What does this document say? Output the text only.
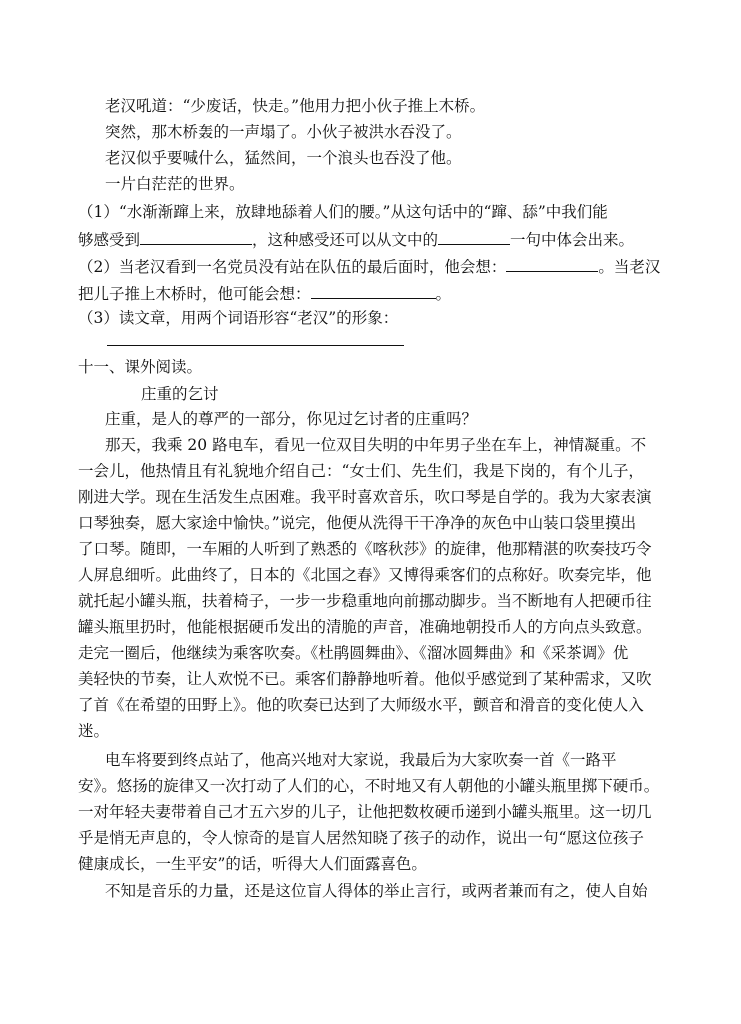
老汉吼道：“少废话，快走。”他用力把小伙子推上木桥。
突然，那木桥轰的一声塌了。小伙子被洪水吞没了。
老汉似乎要喊什么，猛然间，一个浪头也吞没了他。
一片白茫茫的世界。
（1）“水渐渐蹿上来，放肆地舔着人们的腰。”从这句话中的“蹿、舔”中我们能
够感受到	，这种感受还可以从文中的	一句中体会出来。
（2）当老汉看到一名党员没有站在队伍的最后面时，他会想：	。当老汉
把儿子推上木桥时，他可能会想：	。
（3）读文章，用两个词语形容“老汉”的形象：
十一、课外阅读。
庄重的乞讨
庄重，是人的尊严的一部分，你见过乞讨者的庄重吗？
那天，我乘 20 路电车，看见一位双目失明的中年男子坐在车上，神情凝重。不
一会儿，他热情且有礼貌地介绍自己：“女士们、先生们，我是下岗的，有个儿子，
刚进大学。现在生活发生点困难。我平时喜欢音乐，吹口琴是自学的。我为大家表演
口琴独奏，愿大家途中愉快。”说完，他便从洗得干干净净的灰色中山装口袋里摸出
了口琴。随即，一车厢的人听到了熟悉的《喀秋莎》的旋律，他那精湛的吹奏技巧令
人屏息细听。此曲终了，日本的《北国之春》又博得乘客们的点称好。吹奏完毕，他
就托起小罐头瓶，扶着椅子，一步一步稳重地向前挪动脚步。当不断地有人把硬币往
罐头瓶里扔时，他能根据硬币发出的清脆的声音，准确地朝投币人的方向点头致意。
走完一圈后，他继续为乘客吹奏。《杜鹃圆舞曲》、《溜冰圆舞曲》和《采茶调》优
美轻快的节奏，让人欢悦不已。乘客们静静地听着。他似乎感觉到了某种需求，又吹
了首《在希望的田野上》。他的吹奏已达到了大师级水平，颤音和滑音的变化使人入
迷。
电车将要到终点站了，他高兴地对大家说，我最后为大家吹奏一首《一路平
安》。悠扬的旋律又一次打动了人们的心，不时地又有人朝他的小罐头瓶里掷下硬币。
一对年轻夫妻带着自己才五六岁的儿子，让他把数枚硬币递到小罐头瓶里。这一切几
乎是悄无声息的，令人惊奇的是盲人居然知晓了孩子的动作，说出一句“愿这位孩子
健康成长，一生平安”的话，听得大人们面露喜色。
不知是音乐的力量，还是这位盲人得体的举止言行，或两者兼而有之，使人自始
